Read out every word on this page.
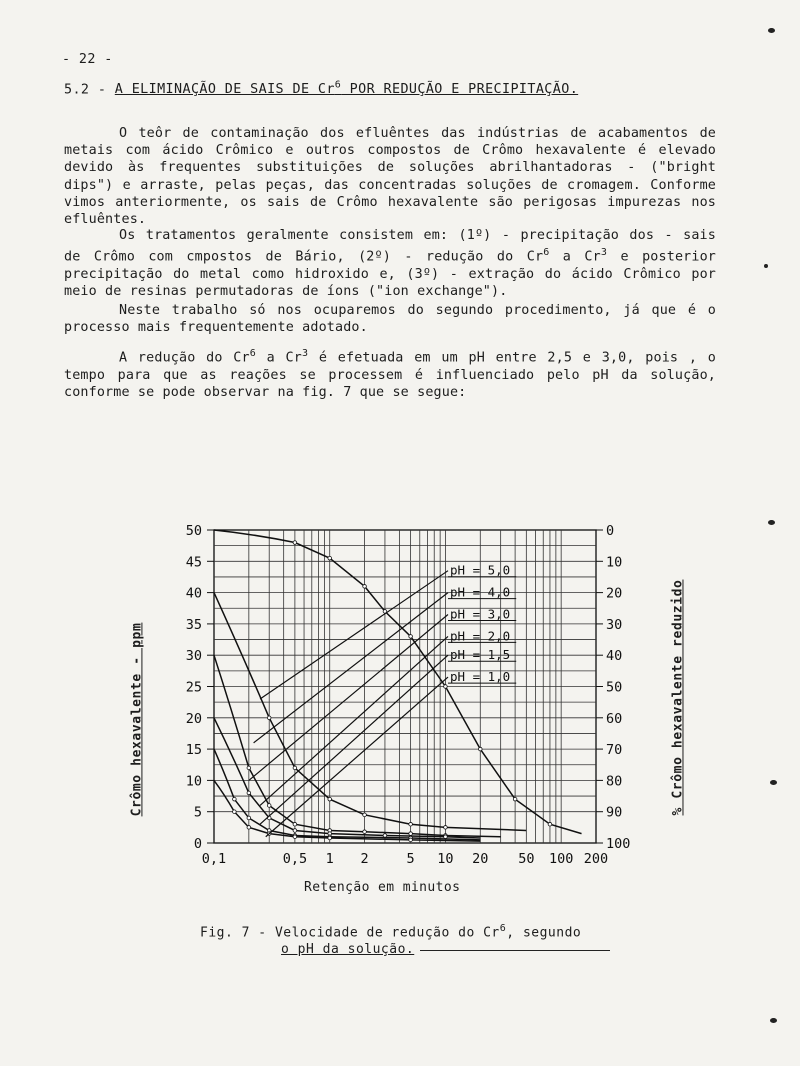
- 22 -
5.2 - A ELIMINAÇÃO DE SAIS DE Cr$^6$ POR REDUÇÃO E PRECIPITAÇÃO.
O teôr de contaminação dos efluêntes das indústrias de acabamentos de metais com ácido Crômico e outros compostos de Crômo hexavalente é elevado devido às frequentes substituições de soluções abrilhantadoras - ("bright dips") e arraste, pelas peças, das concentradas soluções de cromagem. Conforme vimos anteriormente, os sais de Crômo hexavalente são perigosas impurezas nos efluêntes.
Os tratamentos geralmente consistem em: (1º) - precipitação dos - sais de Crômo com cmpostos de Bário, (2º) - redução do Cr$^6$ a Cr$^3$ e posterior precipitação do metal como hidroxido e, (3º) - extração do ácido Crômico por meio de resinas permutadoras de íons ("ion exchange").
Neste trabalho só nos ocuparemos do segundo procedimento, já que é o processo mais frequentemente adotado.
A redução do Cr$^6$ a Cr$^3$ é efetuada em um pH entre 2,5 e 3,0, pois , o tempo para que as reações se processem é influenciado pelo pH da solução, conforme se pode observar na fig. 7 que se segue:
pH = 5,0
pH = 4,0
pH = 3,0
pH = 2,0
pH = 1,5
pH = 1,0
0
5
10
15
20
25
30
35
40
45
50	0
10
20
30
40
50
60
70
80
90
100
0,1	0,5 1 2	5 10 20 50 100 200
Crômo hexavalente - ppm	% Crômo hexavalente reduzido
Retenção em minutos
Fig. 7 - Velocidade de redução do Cr$^6$, segundo
o pH da solução.
